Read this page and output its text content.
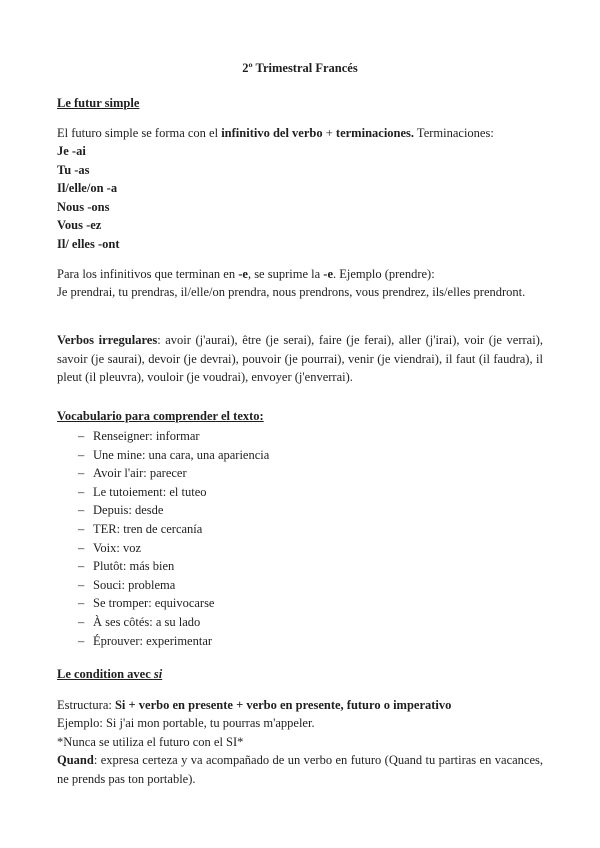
2º Trimestral Francés
Le futur simple
El futuro simple se forma con el infinitivo del verbo + terminaciones. Terminaciones:
Je -ai
Tu -as
Il/elle/on -a
Nous -ons
Vous -ez
Il/ elles -ont
Para los infinitivos que terminan en -e, se suprime la -e. Ejemplo (prendre):
Je prendrai, tu prendras, il/elle/on prendra, nous prendrons, vous prendrez, ils/elles prendront.
Verbos irregulares: avoir (j'aurai), être (je serai), faire (je ferai), aller (j'irai), voir (je verrai), savoir (je saurai), devoir (je devrai), pouvoir (je pourrai), venir (je viendrai), il faut (il faudra), il pleut (il pleuvra), vouloir (je voudrai), envoyer (j'enverrai).
Vocabulario para comprender el texto:
– Renseigner: informar
– Une mine: una cara, una apariencia
– Avoir l'air: parecer
– Le tutoiement: el tuteo
– Depuis: desde
– TER: tren de cercanía
– Voix: voz
– Plutôt: más bien
– Souci: problema
– Se tromper: equivocarse
– À ses côtés: a su lado
– Éprouver: experimentar
Le condition avec si
Estructura: Si + verbo en presente + verbo en presente, futuro o imperativo
Ejemplo: Si j'ai mon portable, tu pourras m'appeler.
*Nunca se utiliza el futuro con el SI*
Quand: expresa certeza y va acompañado de un verbo en futuro (Quand tu partiras en vacances, ne prends pas ton portable).
